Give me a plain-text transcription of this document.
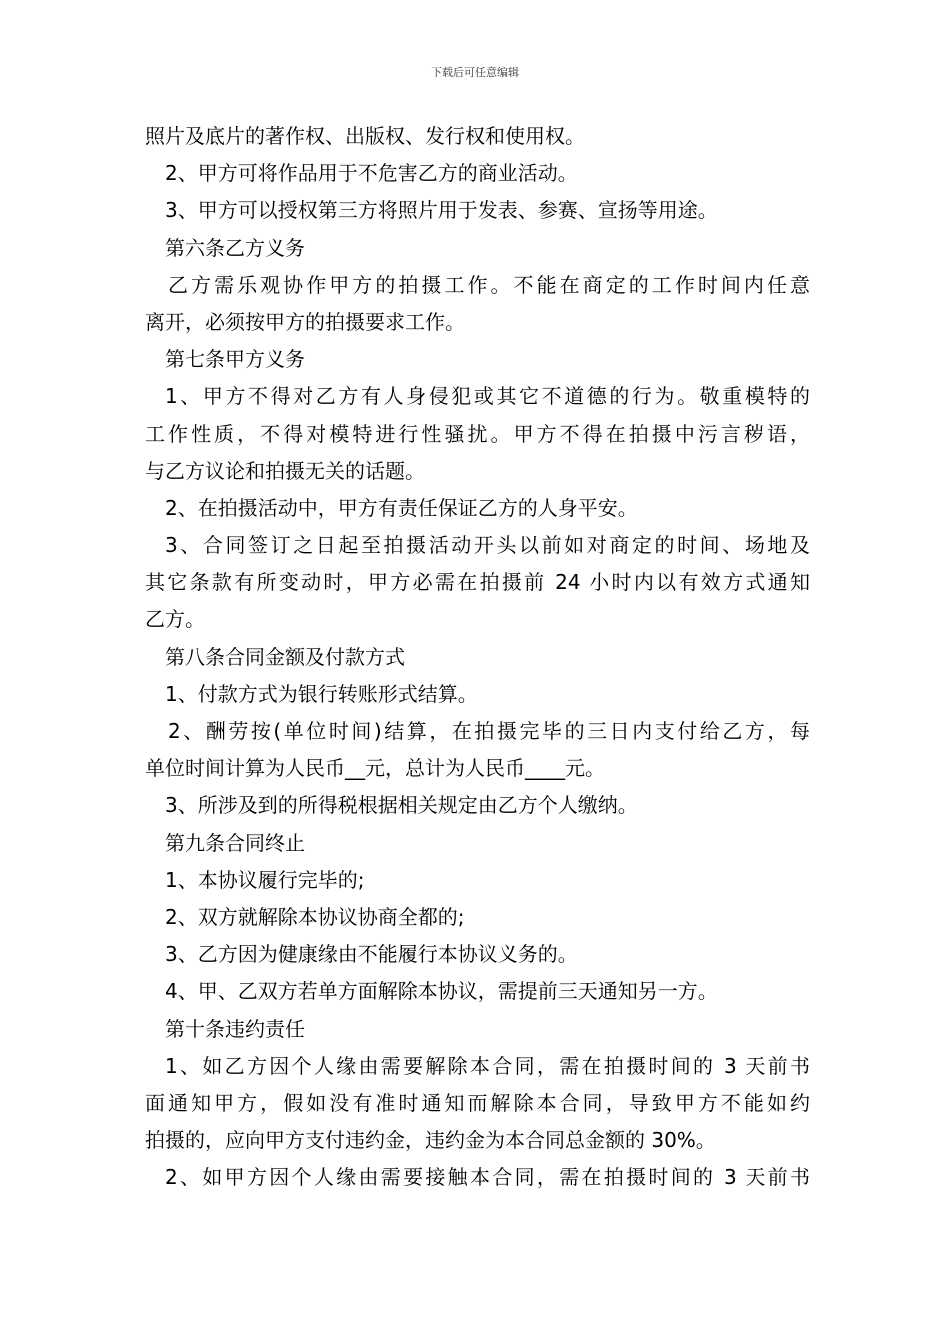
下载后可任意编辑
照片及底片的著作权、出版权、发行权和使用权。
2、甲方可将作品用于不危害乙方的商业活动。
3、甲方可以授权第三方将照片用于发表、参赛、宣扬等用途。
第六条乙方义务
乙方需乐观协作甲方的拍摄工作。不能在商定的工作时间内任意
离开，必须按甲方的拍摄要求工作。
第七条甲方义务
1、甲方不得对乙方有人身侵犯或其它不道德的行为。敬重模特的
工作性质，不得对模特进行性骚扰。甲方不得在拍摄中污言秽语，
与乙方议论和拍摄无关的话题。
2、在拍摄活动中，甲方有责任保证乙方的人身平安。
3、合同签订之日起至拍摄活动开头以前如对商定的时间、场地及
其它条款有所变动时，甲方必需在拍摄前 24 小时内以有效方式通知
乙方。
第八条合同金额及付款方式
1、付款方式为银行转账形式结算。
2、酬劳按(单位时间)结算，在拍摄完毕的三日内支付给乙方，每
单位时间计算为人民币__元，总计为人民币____元。
3、所涉及到的所得税根据相关规定由乙方个人缴纳。
第九条合同终止
1、本协议履行完毕的;
2、双方就解除本协议协商全都的;
3、乙方因为健康缘由不能履行本协议义务的。
4、甲、乙双方若单方面解除本协议，需提前三天通知另一方。
第十条违约责任
1、如乙方因个人缘由需要解除本合同，需在拍摄时间的 3 天前书
面通知甲方，假如没有准时通知而解除本合同，导致甲方不能如约
拍摄的，应向甲方支付违约金，违约金为本合同总金额的 30%。
2、如甲方因个人缘由需要接触本合同，需在拍摄时间的 3 天前书
